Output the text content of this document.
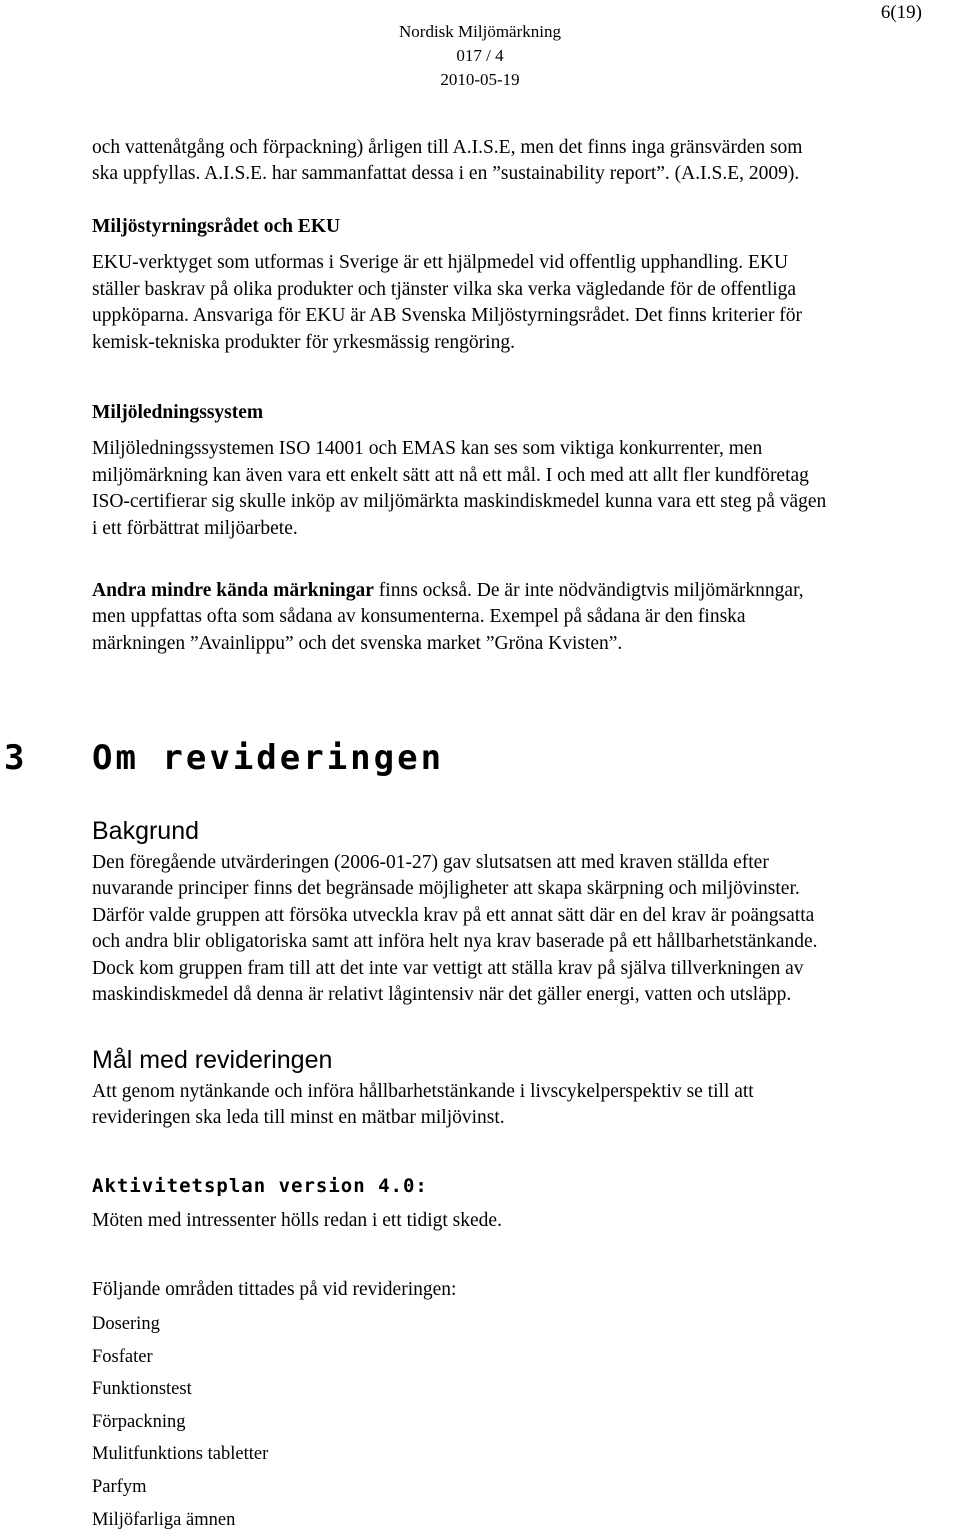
6(19)
Nordisk Miljömärkning
017 / 4
2010-05-19
och vattenåtgång och förpackning) årligen till A.I.S.E, men det finns inga gränsvärden som
ska uppfyllas. A.I.S.E. har sammanfattat dessa i en ”sustainability report”. (A.I.S.E, 2009).
Miljöstyrningsrådet och EKU
EKU-verktyget som utformas i Sverige är ett hjälpmedel vid offentlig upphandling. EKU
ställer baskrav på olika produkter och tjänster vilka ska verka vägledande för de offentliga
uppköparna. Ansvariga för EKU är AB Svenska Miljöstyrningsrådet. Det finns kriterier för
kemisk-tekniska produkter för yrkesmässig rengöring.
Miljöledningssystem
Miljöledningssystemen ISO 14001 och EMAS kan ses som viktiga konkurrenter, men
miljömärkning kan även vara ett enkelt sätt att nå ett mål. I och med att allt fler kundföretag
ISO-certifierar sig skulle inköp av miljömärkta maskindiskmedel kunna vara ett steg på vägen
i ett förbättrat miljöarbete.
Andra mindre kända märkningar finns också. De är inte nödvändigtvis miljömärknngar,
men uppfattas ofta som sådana av konsumenterna. Exempel på sådana är den finska
märkningen ”Avainlippu” och det svenska market ”Gröna Kvisten”.
3 Om revideringen
Bakgrund
Den föregående utvärderingen (2006-01-27) gav slutsatsen att med kraven ställda efter
nuvarande principer finns det begränsade möjligheter att skapa skärpning och miljövinster.
Därför valde gruppen att försöka utveckla krav på ett annat sätt där en del krav är poängsatta
och andra blir obligatoriska samt att införa helt nya krav baserade på ett hållbarhetstänkande.
Dock kom gruppen fram till att det inte var vettigt att ställa krav på själva tillverkningen av
maskindiskmedel då denna är relativt lågintensiv när det gäller energi, vatten och utsläpp.
Mål med revideringen
Att genom nytänkande och införa hållbarhetstänkande i livscykelperspektiv se till att
revideringen ska leda till minst en mätbar miljövinst.
Aktivitetsplan version 4.0:
Möten med intressenter hölls redan i ett tidigt skede.
Följande områden tittades på vid revideringen:
Dosering
Fosfater
Funktionstest
Förpackning
Mulitfunktions tabletter
Parfym
Miljöfarliga ämnen
